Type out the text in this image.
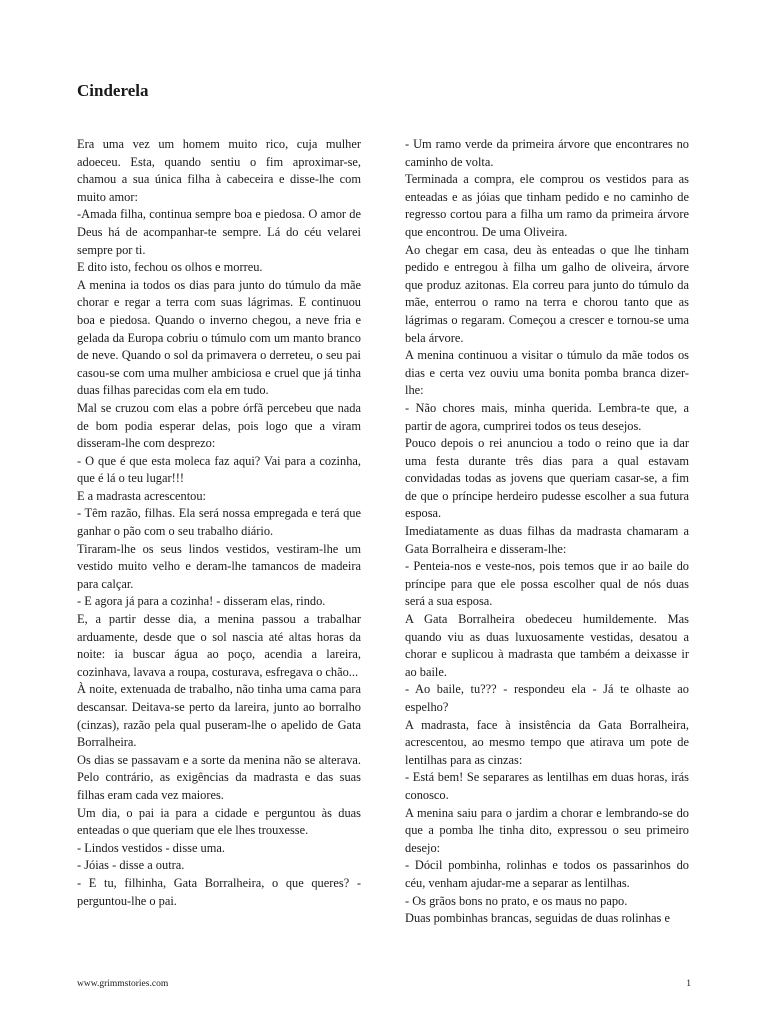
Cinderela

Era uma vez um homem muito rico, cuja mulher adoeceu. Esta, quando sentiu o fim aproximar-se, chamou a sua única filha à cabeceira e disse-lhe com muito amor:

-Amada filha, continua sempre boa e piedosa. O amor de Deus há de acompanhar-te sempre. Lá do céu velarei sempre por ti.

E dito isto, fechou os olhos e morreu.

A menina ia todos os dias para junto do túmulo da mãe chorar e regar a terra com suas lágrimas. E continuou boa e piedosa. Quando o inverno chegou, a neve fria e gelada da Europa cobriu o túmulo com um manto branco de neve. Quando o sol da primavera o derreteu, o seu pai casou-se com uma mulher ambiciosa e cruel que já tinha duas filhas parecidas com ela em tudo.

Mal se cruzou com elas a pobre órfã percebeu que nada de bom podia esperar delas, pois logo que a viram disseram-lhe com desprezo:

- O que é que esta moleca faz aqui? Vai para a cozinha, que é lá o teu lugar!!!

E a madrasta acrescentou:

- Têm razão, filhas. Ela será nossa empregada e terá que ganhar o pão com o seu trabalho diário.

Tiraram-lhe os seus lindos vestidos, vestiram-lhe um vestido muito velho e deram-lhe tamancos de madeira para calçar.

- E agora já para a cozinha! - disseram elas, rindo.

E, a partir desse dia, a menina passou a trabalhar arduamente, desde que o sol nascia até altas horas da noite: ia buscar água ao poço, acendia a lareira, cozinhava, lavava a roupa, costurava, esfregava o chão...

À noite, extenuada de trabalho, não tinha uma cama para descansar. Deitava-se perto da lareira, junto ao borralho (cinzas), razão pela qual puseram-lhe o apelido de Gata Borralheira.

Os dias se passavam e a sorte da menina não se alterava. Pelo contrário, as exigências da madrasta e das suas filhas eram cada vez maiores.

Um dia, o pai ia para a cidade e perguntou às duas enteadas o que queriam que ele lhes trouxesse.

- Lindos vestidos - disse uma.

- Jóias - disse a outra.

- E tu, filhinha, Gata Borralheira, o que queres? - perguntou-lhe o pai.

- Um ramo verde da primeira árvore que encontrares no caminho de volta.

Terminada a compra, ele comprou os vestidos para as enteadas e as jóias que tinham pedido e no caminho de regresso cortou para a filha um ramo da primeira árvore que encontrou. De uma Oliveira.

Ao chegar em casa, deu às enteadas o que lhe tinham pedido e entregou à filha um galho de oliveira, árvore que produz azitonas. Ela correu para junto do túmulo da mãe, enterrou o ramo na terra e chorou tanto que as lágrimas o regaram. Começou a crescer e tornou-se uma bela árvore.

A menina continuou a visitar o túmulo da mãe todos os dias e certa vez ouviu uma bonita pomba branca dizer-lhe:

- Não chores mais, minha querida. Lembra-te que, a partir de agora, cumprirei todos os teus desejos.

Pouco depois o rei anunciou a todo o reino que ia dar uma festa durante três dias para a qual estavam convidadas todas as jovens que queriam casar-se, a fim de que o príncipe herdeiro pudesse escolher a sua futura esposa.

Imediatamente as duas filhas da madrasta chamaram a Gata Borralheira e disseram-lhe:

- Penteia-nos e veste-nos, pois temos que ir ao baile do príncipe para que ele possa escolher qual de nós duas será a sua esposa.

A Gata Borralheira obedeceu humildemente. Mas quando viu as duas luxuosamente vestidas, desatou a chorar e suplicou à madrasta que também a deixasse ir ao baile.

- Ao baile, tu??? - respondeu ela - Já te olhaste ao espelho?

A madrasta, face à insistência da Gata Borralheira, acrescentou, ao mesmo tempo que atirava um pote de lentilhas para as cinzas:

- Está bem! Se separares as lentilhas em duas horas, irás conosco.

A menina saiu para o jardim a chorar e lembrando-se do que a pomba lhe tinha dito, expressou o seu primeiro desejo:

- Dócil pombinha, rolinhas e todos os passarinhos do céu, venham ajudar-me a separar as lentilhas.

- Os grãos bons no prato, e os maus no papo.

Duas pombinhas brancas, seguidas de duas rolinhas e

www.grimmstories.com	1
